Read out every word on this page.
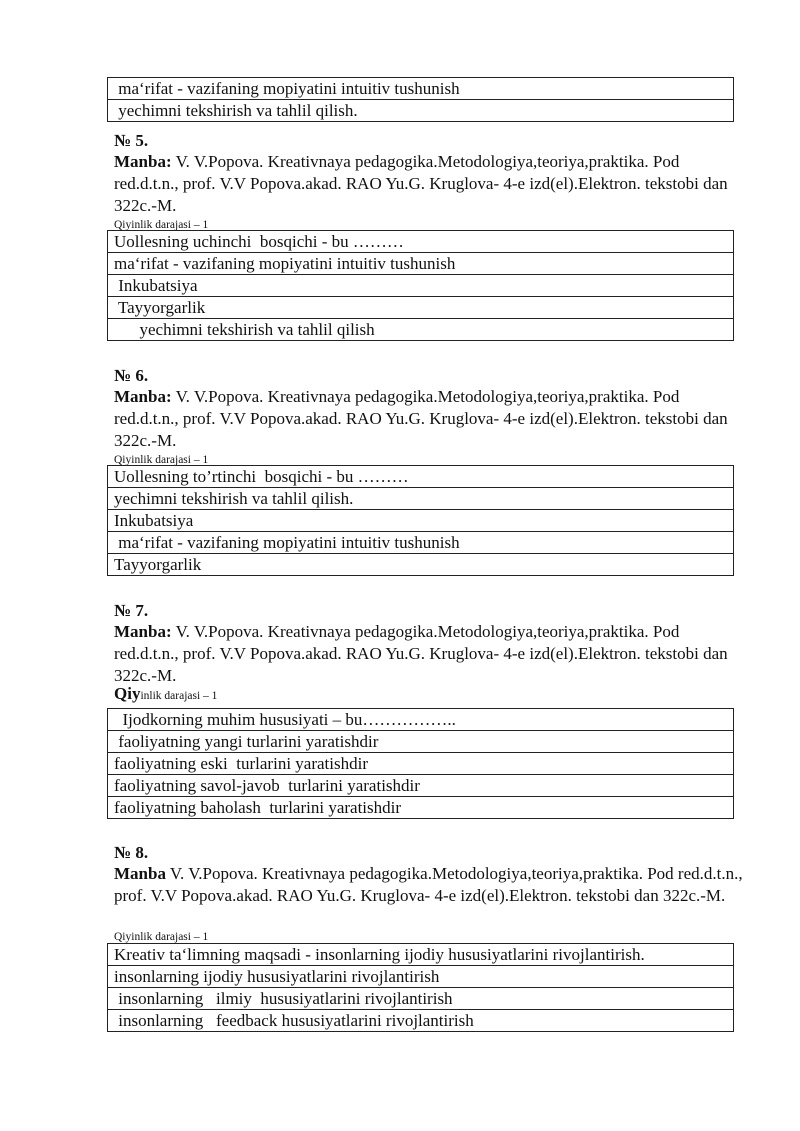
ma‘rifat - vazifaning mopiyatini intuitiv tushunish
yechimni tekshirish va tahlil qilish.
№ 5.
Manba: V. V.Popova. Kreativnaya pedagogika.Metodologiya,teoriya,praktika. Pod red.d.t.n., prof. V.V Popova.akad. RAO Yu.G. Kruglova- 4-e izd(el).Elektron. tekstobi dan 322c.-M.
Qiyinlik darajasi – 1
Uollesning uchinchi  bosqichi - bu ………
ma‘rifat - vazifaning mopiyatini intuitiv tushunish
Inkubatsiya
Tayyorgarlik
yechimni tekshirish va tahlil qilish
№ 6.
Manba: V. V.Popova. Kreativnaya pedagogika.Metodologiya,teoriya,praktika. Pod red.d.t.n., prof. V.V Popova.akad. RAO Yu.G. Kruglova- 4-e izd(el).Elektron. tekstobi dan 322c.-M.
Qiyinlik darajasi – 1
Uollesning to’rtinchi  bosqichi - bu ………
yechimni tekshirish va tahlil qilish.
Inkubatsiya
ma‘rifat - vazifaning mopiyatini intuitiv tushunish
Tayyorgarlik
№ 7.
Manba: V. V.Popova. Kreativnaya pedagogika.Metodologiya,teoriya,praktika. Pod red.d.t.n., prof. V.V Popova.akad. RAO Yu.G. Kruglova- 4-e izd(el).Elektron. tekstobi dan 322c.-M.
Qiyinlik darajasi – 1
Ijodkorning muhim hususiyati – bu……………..
faoliyatning yangi turlarini yaratishdir
faoliyatning eski  turlarini yaratishdir
faoliyatning savol-javob  turlarini yaratishdir
faoliyatning baholash  turlarini yaratishdir
№ 8.
Manba V. V.Popova. Kreativnaya pedagogika.Metodologiya,teoriya,praktika. Pod red.d.t.n., prof. V.V Popova.akad. RAO Yu.G. Kruglova- 4-e izd(el).Elektron. tekstobi dan 322c.-M.
Qiyinlik darajasi – 1
Kreativ ta‘limning maqsadi - insonlarning ijodiy hususiyatlarini rivojlantirish.
insonlarning ijodiy hususiyatlarini rivojlantirish
insonlarning   ilmiy  hususiyatlarini rivojlantirish
insonlarning   feedback hususiyatlarini rivojlantirish
